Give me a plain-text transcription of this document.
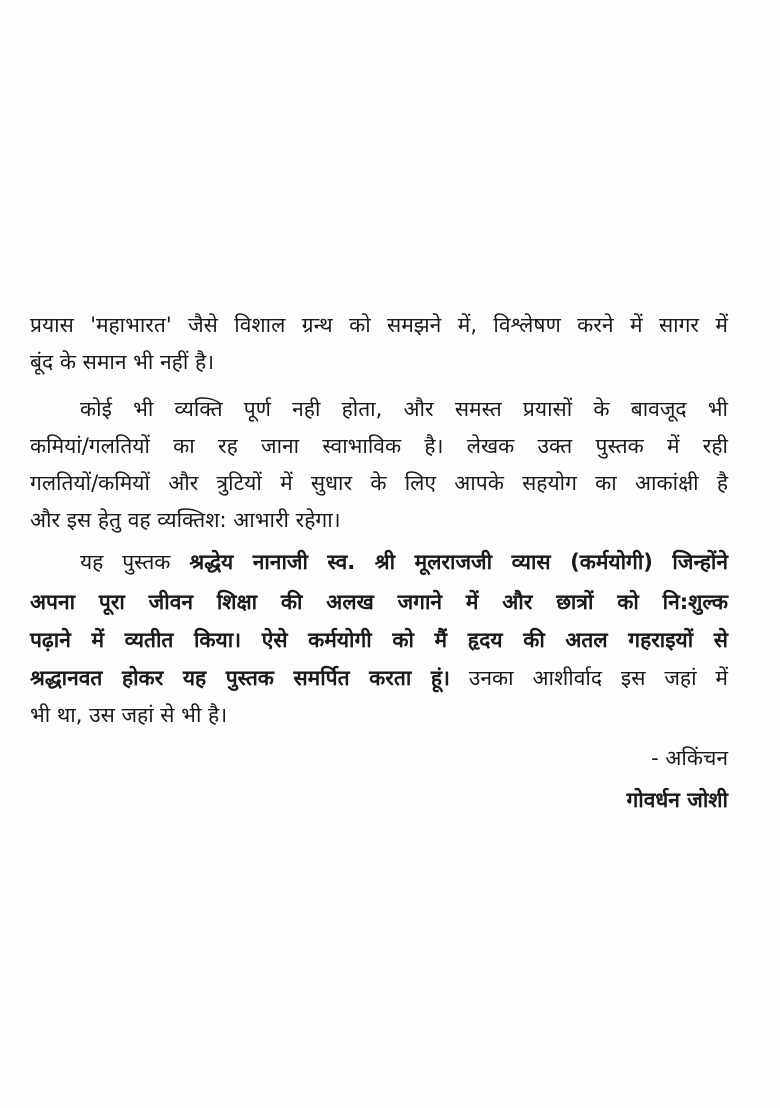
प्रयास 'महाभारत' जैसे विशाल ग्रन्थ को समझने में, विश्लेषण करने में सागर में
बूंद के समान भी नहीं है।
कोई भी व्यक्ति पूर्ण नही होता, और समस्त प्रयासों के बावजूद भी
कमियां/गलतियों का रह जाना स्वाभाविक है। लेखक उक्त पुस्तक में रही
गलतियों/कमियों और त्रुटियों में सुधार के लिए आपके सहयोग का आकांक्षी है
और इस हेतु वह व्यक्तिश: आभारी रहेगा।
यह पुस्तक श्रद्धेय नानाजी स्व. श्री मूलराजजी व्यास (कर्मयोगी) जिन्होंने
अपना पूरा जीवन शिक्षा की अलख जगाने में और छात्रों को नि:शुल्क
पढ़ाने में व्यतीत किया। ऐसे कर्मयोगी को मैं हृदय की अतल गहराइयों से
श्रद्धानवत होकर यह पुस्तक समर्पित करता हूं। उनका आशीर्वाद इस जहां में
भी था, उस जहां से भी है।
- अकिंचन
गोवर्धन जोशी
